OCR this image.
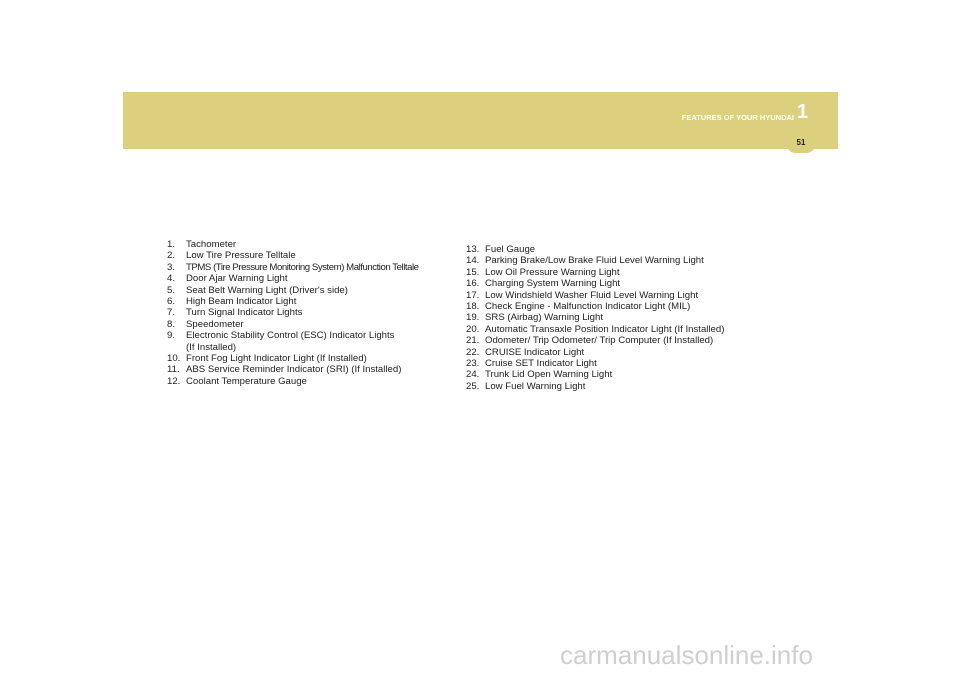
FEATURES OF YOUR HYUNDAI 1
51
1.	Tachometer
2.	Low Tire Pressure Telltale
3.	TPMS (Tire Pressure Monitoring System) Malfunction Telltale
4.	Door Ajar Warning Light
5.	Seat Belt Warning Light (Driver's side)
6.	High Beam Indicator Light
7.	Turn Signal Indicator Lights
8.	Speedometer
9.	Electronic Stability Control (ESC) Indicator Lights
(If Installed)
10. Front Fog Light Indicator Light (If Installed)
11. ABS Service Reminder Indicator (SRI) (If Installed)
12. Coolant Temperature Gauge
13. Fuel Gauge
14. Parking Brake/Low Brake Fluid Level Warning Light
15. Low Oil Pressure Warning Light
16. Charging System Warning Light
17. Low Windshield Washer Fluid Level Warning Light
18. Check Engine - Malfunction Indicator Light (MIL)
19. SRS (Airbag) Warning Light
20. Automatic Transaxle Position Indicator Light (If Installed)
21. Odometer/ Trip Odometer/ Trip Computer (If Installed)
22. CRUISE Indicator Light
23. Cruise SET Indicator Light
24. Trunk Lid Open Warning Light
25. Low Fuel Warning Light
carmanualsonline.info
